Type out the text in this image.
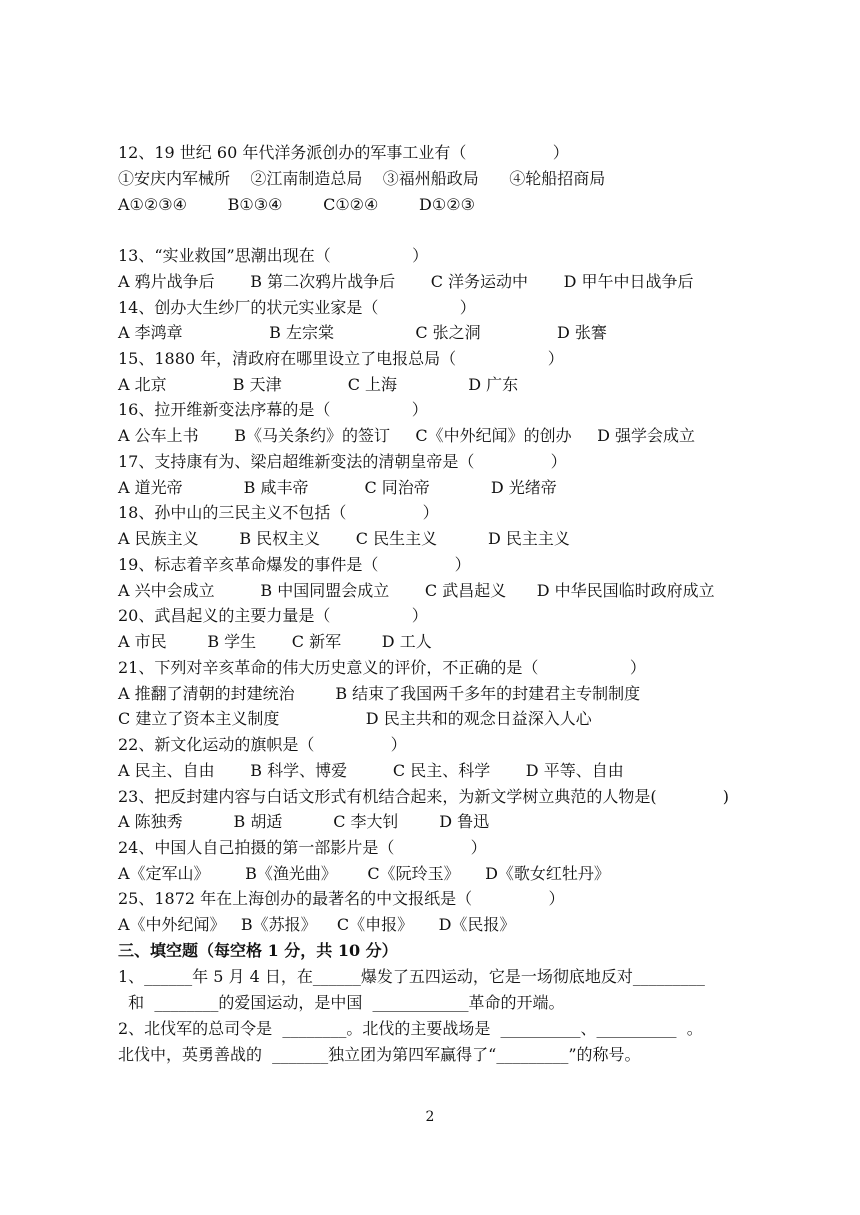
12、19 世纪 60 年代洋务派创办的军事工业有（                 ）
①安庆内军械所    ②江南制造总局    ③福州船政局      ④轮船招商局
A①②③④        B①③④        C①②④        D①②③
13、“实业救国”思潮出现在（                ）
A 鸦片战争后       B 第二次鸦片战争后       C 洋务运动中       D 甲午中日战争后
14、创办大生纱厂的状元实业家是（                ）
A 李鸿章                 B 左宗棠                C 张之洞               D 张謇
15、1880 年，清政府在哪里设立了电报总局（                  ）
A 北京             B 天津             C 上海              D 广东
16、拉开维新变法序幕的是（                ）
A 公车上书       B《马关条约》的签订     C《中外纪闻》的创办     D 强学会成立
17、支持康有为、梁启超维新变法的清朝皇帝是（               ）
A 道光帝            B 咸丰帝           C 同治帝            D 光绪帝
18、孙中山的三民主义不包括（               ）
A 民族主义        B 民权主义       C 民生主义          D 民主主义
19、标志着辛亥革命爆发的事件是（               ）
A 兴中会成立         B 中国同盟会成立       C 武昌起义      D 中华民国临时政府成立
20、武昌起义的主要力量是（                ）
A 市民        B 学生       C 新军        D 工人
21、下列对辛亥革命的伟大历史意义的评价，不正确的是（                  ）
A 推翻了清朝的封建统治        B 结束了我国两千多年的封建君主专制制度
C 建立了资本主义制度                 D 民主共和的观念日益深入人心
22、新文化运动的旗帜是（               ）
A 民主、自由       B 科学、博爱         C 民主、科学       D 平等、自由
23、把反封建内容与白话文形式有机结合起来，为新文学树立典范的人物是(             )
A 陈独秀          B 胡适          C 李大钊        D 鲁迅
24、中国人自己拍摄的第一部影片是（               ）
A《定军山》       B《渔光曲》      C《阮玲玉》     D《歌女红牡丹》
25、1872 年在上海创办的最著名的中文报纸是（               ）
A《中外纪闻》   B《苏报》    C《申报》     D《民报》
三、填空题（每空格 1 分，共 10 分）
1、______年 5 月 4 日，在______爆发了五四运动，它是一场彻底地反对_________
和  ________的爱国运动，是中国  ____________革命的开端。
2、北伐军的总司令是  ________。北伐的主要战场是  __________、__________  。
北伐中，英勇善战的  _______独立团为第四军赢得了“_________”的称号。
2
